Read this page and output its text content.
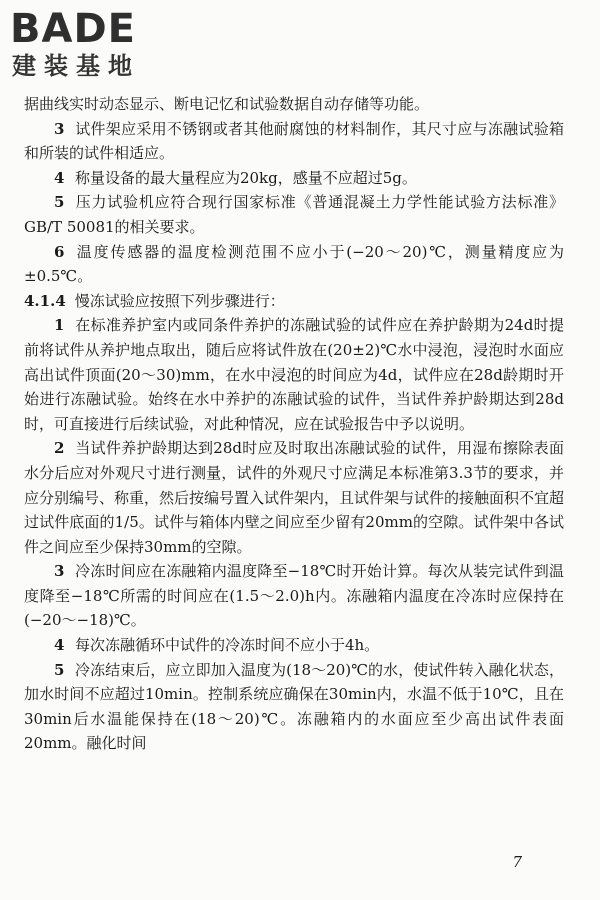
BADE
建装基地

据曲线实时动态显示、断电记忆和试验数据自动存储等功能。

3 试件架应采用不锈钢或者其他耐腐蚀的材料制作，其尺寸应与冻融试验箱和所装的试件相适应。

4 称量设备的最大量程应为20kg，感量不应超过5g。

5 压力试验机应符合现行国家标准《普通混凝土力学性能试验方法标准》GB/T 50081的相关要求。

6 温度传感器的温度检测范围不应小于(−20～20)℃，测量精度应为±0.5℃。

4.1.4 慢冻试验应按照下列步骤进行：

1 在标准养护室内或同条件养护的冻融试验的试件应在养护龄期为24d时提前将试件从养护地点取出，随后应将试件放在(20±2)℃水中浸泡，浸泡时水面应高出试件顶面(20～30)mm，在水中浸泡的时间应为4d，试件应在28d龄期时开始进行冻融试验。始终在水中养护的冻融试验的试件，当试件养护龄期达到28d时，可直接进行后续试验，对此种情况，应在试验报告中予以说明。

2 当试件养护龄期达到28d时应及时取出冻融试验的试件，用湿布擦除表面水分后应对外观尺寸进行测量，试件的外观尺寸应满足本标准第3.3节的要求，并应分别编号、称重，然后按编号置入试件架内，且试件架与试件的接触面积不宜超过试件底面的1/5。试件与箱体内壁之间应至少留有20mm的空隙。试件架中各试件之间应至少保持30mm的空隙。

3 冷冻时间应在冻融箱内温度降至−18℃时开始计算。每次从装完试件到温度降至−18℃所需的时间应在(1.5～2.0)h内。冻融箱内温度在冷冻时应保持在(−20～−18)℃。

4 每次冻融循环中试件的冷冻时间不应小于4h。

5 冷冻结束后，应立即加入温度为(18～20)℃的水，使试件转入融化状态，加水时间不应超过10min。控制系统应确保在30min内，水温不低于10℃，且在30min后水温能保持在(18～20)℃。冻融箱内的水面应至少高出试件表面20mm。融化时间

7
